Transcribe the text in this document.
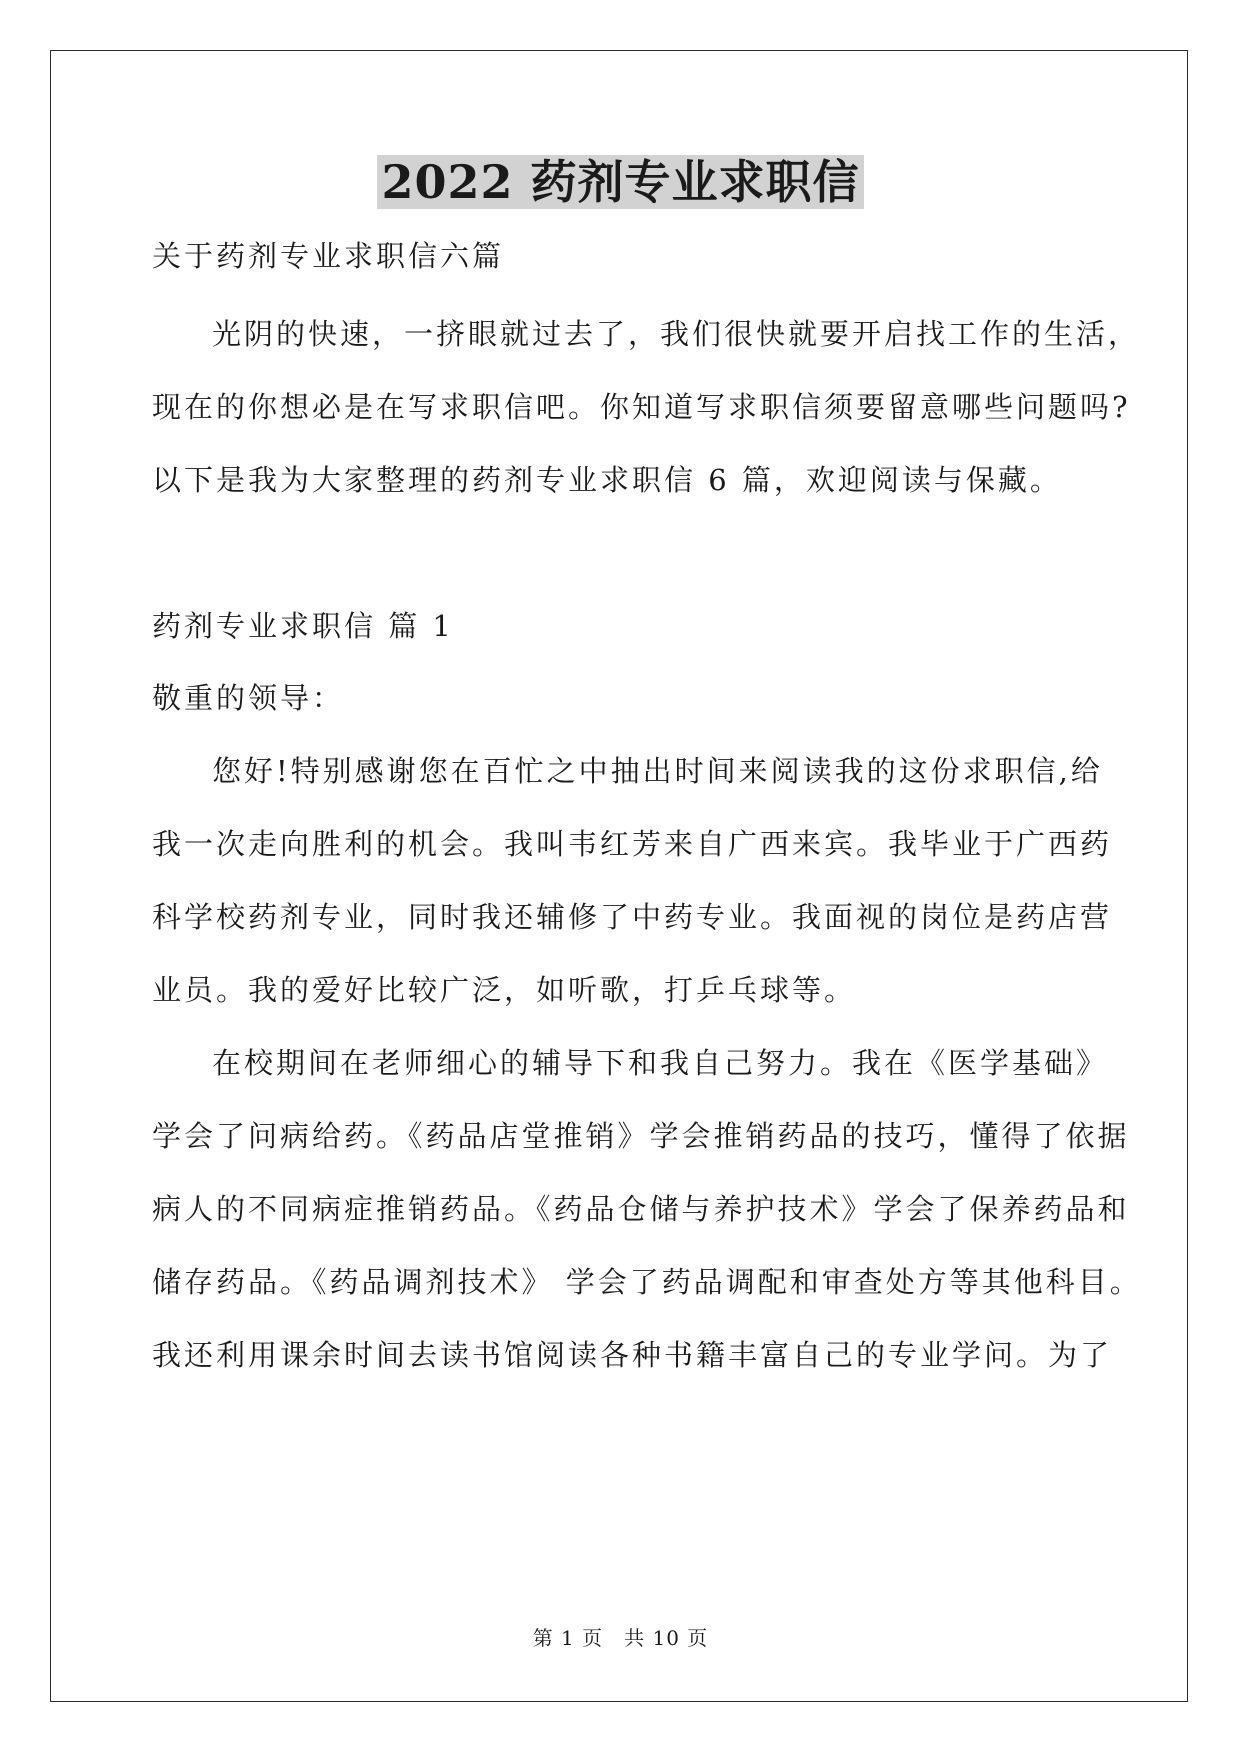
2022 药剂专业求职信
关于药剂专业求职信六篇
光阴的快速，一挤眼就过去了，我们很快就要开启找工作的生活，
现在的你想必是在写求职信吧。你知道写求职信须要留意哪些问题吗?
以下是我为大家整理的药剂专业求职信 6 篇，欢迎阅读与保藏。
药剂专业求职信 篇 1
敬重的领导：
您好!特别感谢您在百忙之中抽出时间来阅读我的这份求职信,给
我一次走向胜利的机会。我叫韦红芳来自广西来宾。我毕业于广西药
科学校药剂专业，同时我还辅修了中药专业。我面视的岗位是药店营
业员。我的爱好比较广泛，如听歌，打乒乓球等。
在校期间在老师细心的辅导下和我自己努力。我在《医学基础》
学会了问病给药。《药品店堂推销》学会推销药品的技巧，懂得了依据
病人的不同病症推销药品。《药品仓储与养护技术》学会了保养药品和
储存药品。《药品调剂技术》 学会了药品调配和审查处方等其他科目。
我还利用课余时间去读书馆阅读各种书籍丰富自己的专业学问。为了
第 1 页　共 10 页
